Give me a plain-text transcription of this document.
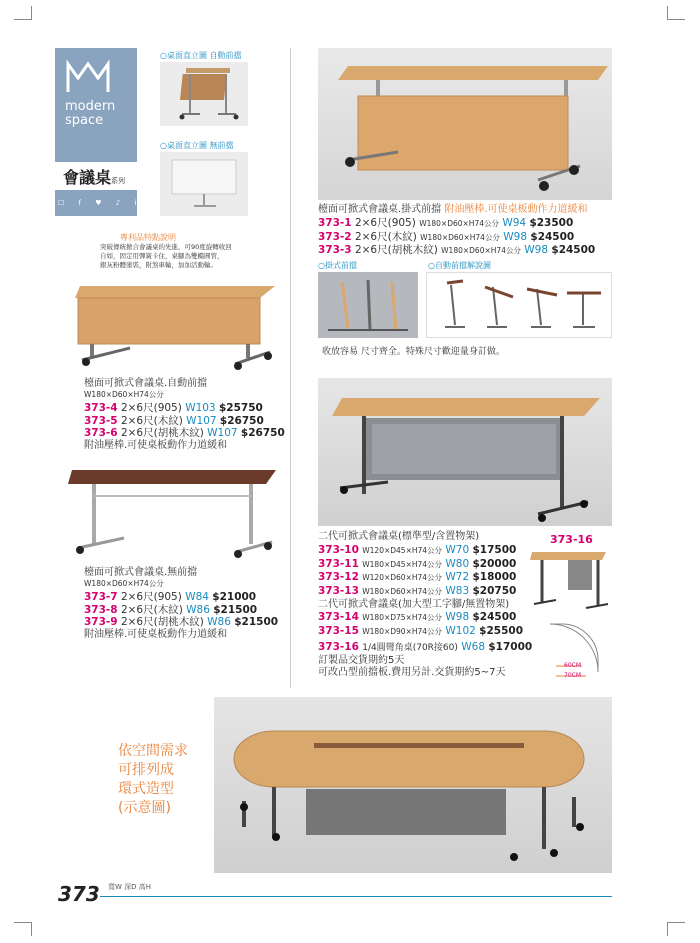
modern
space
會議桌系列
☐ f ♥ ♪ in
○桌面直立圖 自動前擋
○桌面直立圖 無前擋
專利品特點說明
突破傳統掀合會議桌的先進，可90度旋轉收回
自如，固定用彈簧卡住，桌腳為雙橢圓管，
銀灰粉體塗裝，附煞車輪，加加活動輪。
檯面可掀式會議桌.自動前擋
W180×D60×H74公分
373-4 2×6尺(905) W103 $25750
373-5 2×6尺(木紋) W107 $26750
373-6 2×6尺(胡桃木紋) W107 $26750
附油壓棒.可使桌板動作力道緩和
檯面可掀式會議桌.無前擋
W180×D60×H74公分
373-7 2×6尺(905) W84 $21000
373-8 2×6尺(木紋) W86 $21500
373-9 2×6尺(胡桃木紋) W86 $21500
附油壓棒.可使桌板動作力道緩和
檯面可掀式會議桌.掛式前擋 附油壓棒.可使桌板動作力道緩和
373-1 2×6尺(905) W180×D60×H74公分 W94 $23500
373-2 2×6尺(木紋) W180×D60×H74公分 W98 $24500
373-3 2×6尺(胡桃木紋) W180×D60×H74公分 W98 $24500
○掛式前擋	○自動前擋解說圖
收放容易 尺寸齊全。特殊尺寸歡迎量身訂做。
二代可掀式會議桌(標準型/含置物架)
373-10 W120×D45×H74公分 W70 $17500
373-11 W180×D45×H74公分 W80 $20000
373-12 W120×D60×H74公分 W72 $18000
373-13 W180×D60×H74公分 W83 $20750
二代可掀式會議桌(加大型工字腳/無置物架)
373-14 W180×D75×H74公分 W98 $24500
373-15 W180×D90×H74公分 W102 $25500
373-16 1/4圓彎角桌(70R接60) W68 $17000
訂製品交貨期約5天
可改凸型前擋板.費用另計.交貨期約5~7天
373-16
60CM
70CM
依空間需求
可排列成
環式造型
(示意圖)
373 寬W 深D 高H
